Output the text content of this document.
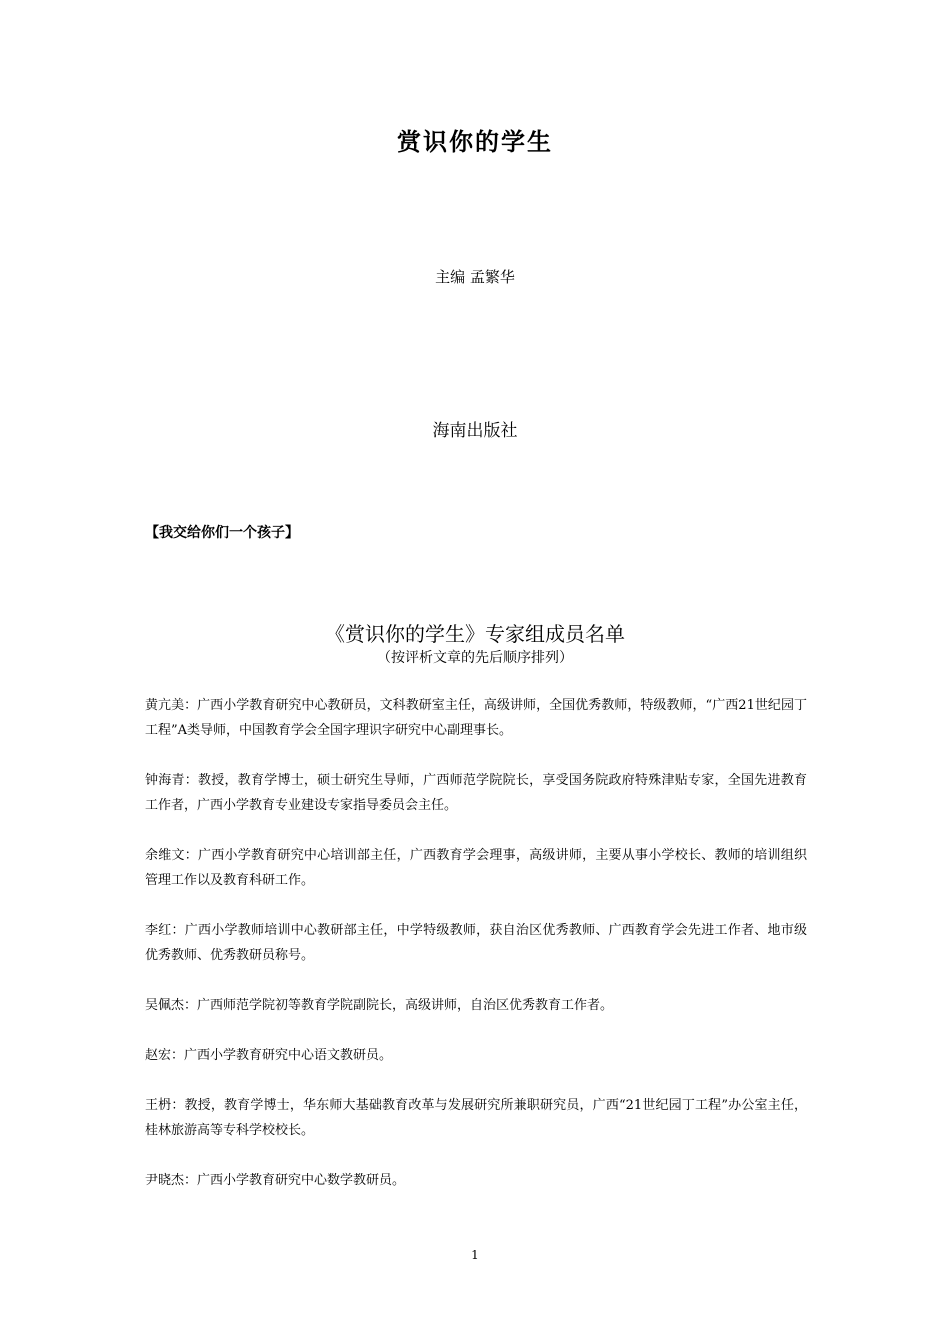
赏识你的学生
主编 孟繁华
海南出版社
【我交给你们一个孩子】
《赏识你的学生》专家组成员名单
（按评析文章的先后顺序排列）

黄亢美：广西小学教育研究中心教研员，文科教研室主任，高级讲师，全国优秀教师，特级教师，“广西21世纪园丁工程”A类导师，中国教育学会全国字理识字研究中心副理事长。

钟海青：教授，教育学博士，硕士研究生导师，广西师范学院院长，享受国务院政府特殊津贴专家，全国先进教育工作者，广西小学教育专业建设专家指导委员会主任。

余维文：广西小学教育研究中心培训部主任，广西教育学会理事，高级讲师，主要从事小学校长、教师的培训组织管理工作以及教育科研工作。

李红：广西小学教师培训中心教研部主任，中学特级教师，获自治区优秀教师、广西教育学会先进工作者、地市级优秀教师、优秀教研员称号。

吴佩杰：广西师范学院初等教育学院副院长，高级讲师，自治区优秀教育工作者。

赵宏：广西小学教育研究中心语文教研员。

王枬：教授，教育学博士，华东师大基础教育改革与发展研究所兼职研究员，广西“21世纪园丁工程”办公室主任，桂林旅游高等专科学校校长。

尹晓杰：广西小学教育研究中心数学教研员。

1
